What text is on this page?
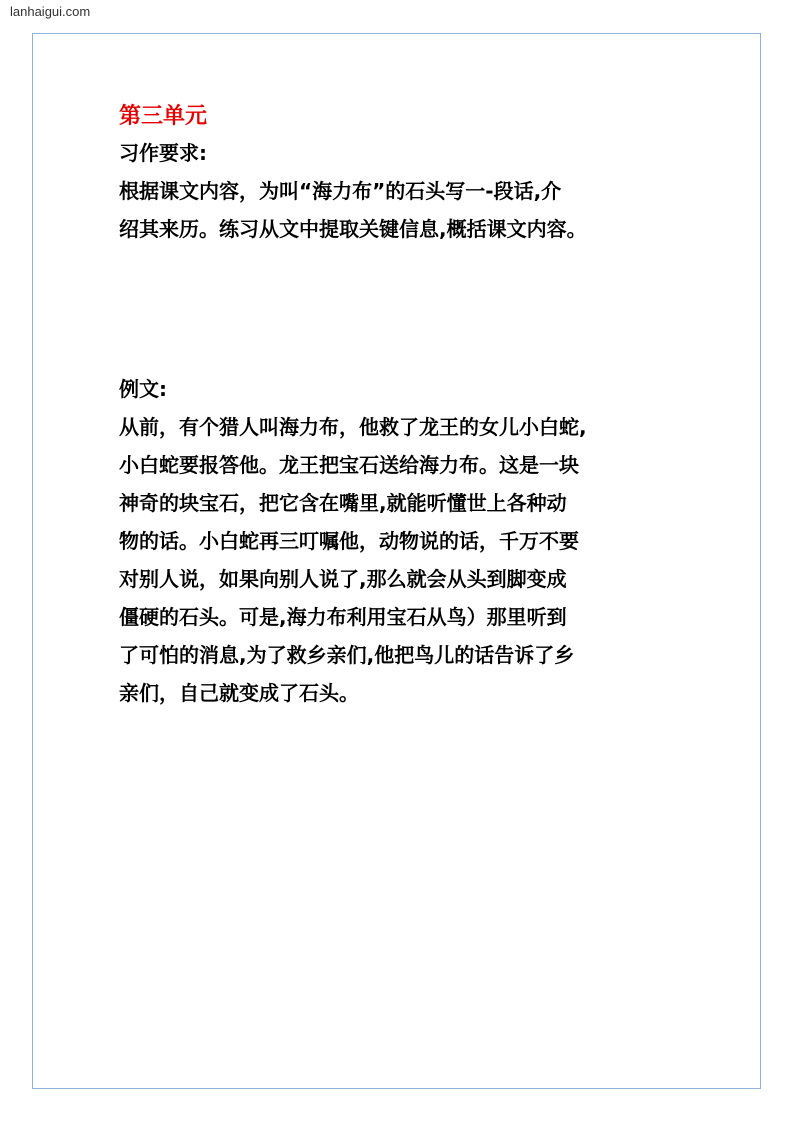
lanhaigui.com
第三单元
习作要求:
根据课文内容，为叫“海力布”的石头写一-段话,介
绍其来历。练习从文中提取关键信息,概括课文内容。
例文:
从前，有个猎人叫海力布，他救了龙王的女儿小白蛇,
小白蛇要报答他。龙王把宝石送给海力布。这是一块
神奇的块宝石，把它含在嘴里,就能听懂世上各种动
物的话。小白蛇再三叮嘱他，动物说的话，千万不要
对别人说，如果向别人说了,那么就会从头到脚变成
僵硬的石头。可是,海力布利用宝石从鸟）那里听到
了可怕的消息,为了救乡亲们,他把鸟儿的话告诉了乡
亲们，自己就变成了石头。
